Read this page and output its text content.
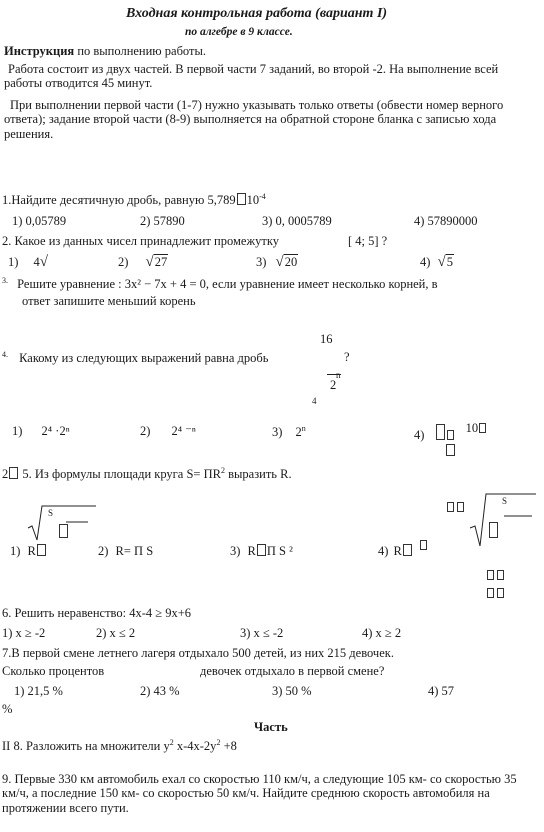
Входная контрольная работа (вариант I)
по алгебре в 9 классе.
Инструкция по выполнению работы.
Работа состоит из двух частей. В первой части 7 заданий, во второй -2. На выполнение всей работы отводится 45 минут.
При выполнении первой части (1-7) нужно указывать только ответы (обвести номер верного ответа); задание второй части (8-9) выполняется на обратной стороне бланка с записью хода решения.
1.Найдите десятичную дробь, равную 5,789 $10^{-4}$
1) 0,05789	2) 57890	3) 0, 0005789	4) 57890000
2. Какое из данных чисел принадлежит промежутку	[ 4; 5] ?
1) 4√	2) √27	3) √20	4) √5
$^{3.}$ Решите уравнение : 3x² − 7x + 4 = 0, если уравнение имеет несколько корней, в
ответ запишите меньший корень
16
$^{4.}$ Какому из следующих выражений равна дробь	?
n
2
4
1) 2⁴ ·2ⁿ	2) 2⁴ ⁻ⁿ	3) 2$^n$	4)	10
2 5. Из формулы площади круга $S= ПR^2$ выразить R.
S
S
1) R	2) R= П S	3) R П S ²	4) R
6. Решить неравенство: 4х-4 ≥ 9х+6
1) x ≥ -2	2) x ≤ 2	3) x ≤ -2	4) x ≥ 2
7.В первой смене летнего лагеря отдыхало 500 детей, из них 215 девочек.
Сколько процентов	девочек отдыхало в первой смене?
1) 21,5 %	2) 43 %	3) 50 %	4) 57
%
Часть
II 8. Разложить на множители $у^2$ $х-4х-2у^2 +8$
9. Первые 330 км автомобиль ехал со скоростью 110 км/ч, а следующие 105 км- со скоростью 35 км/ч, а последние 150 км- со скоростью 50 км/ч. Найдите среднюю скорость автомобиля на протяжении всего пути.
